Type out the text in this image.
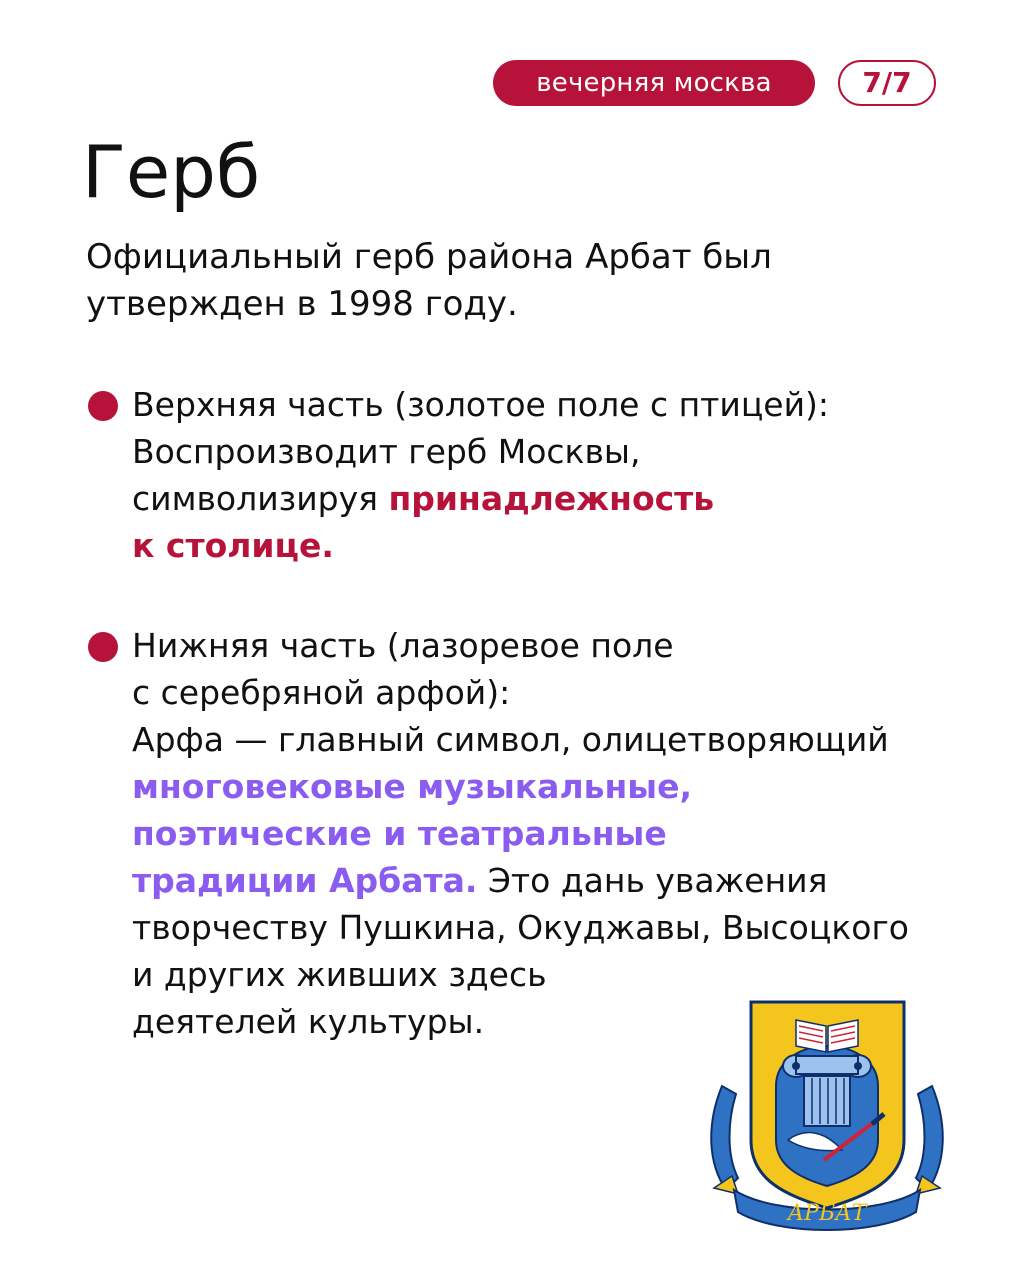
вечерняя москва	7/7
Герб

Официальный герб района Арбат был
утвержден в 1998 году.

Верхняя часть (золотое поле с птицей):
Воспроизводит герб Москвы,
символизируя принадлежность
к столице.
Нижняя часть (лазоревое поле
с серебряной арфой):
Арфа — главный символ, олицетворяющий
многовековые музыкальные,
поэтические и театральные
традиции Арбата. Это дань уважения
творчеству Пушкина, Окуджавы, Высоцкого
и других живших здесь
деятелей культуры.
АРБАТ
